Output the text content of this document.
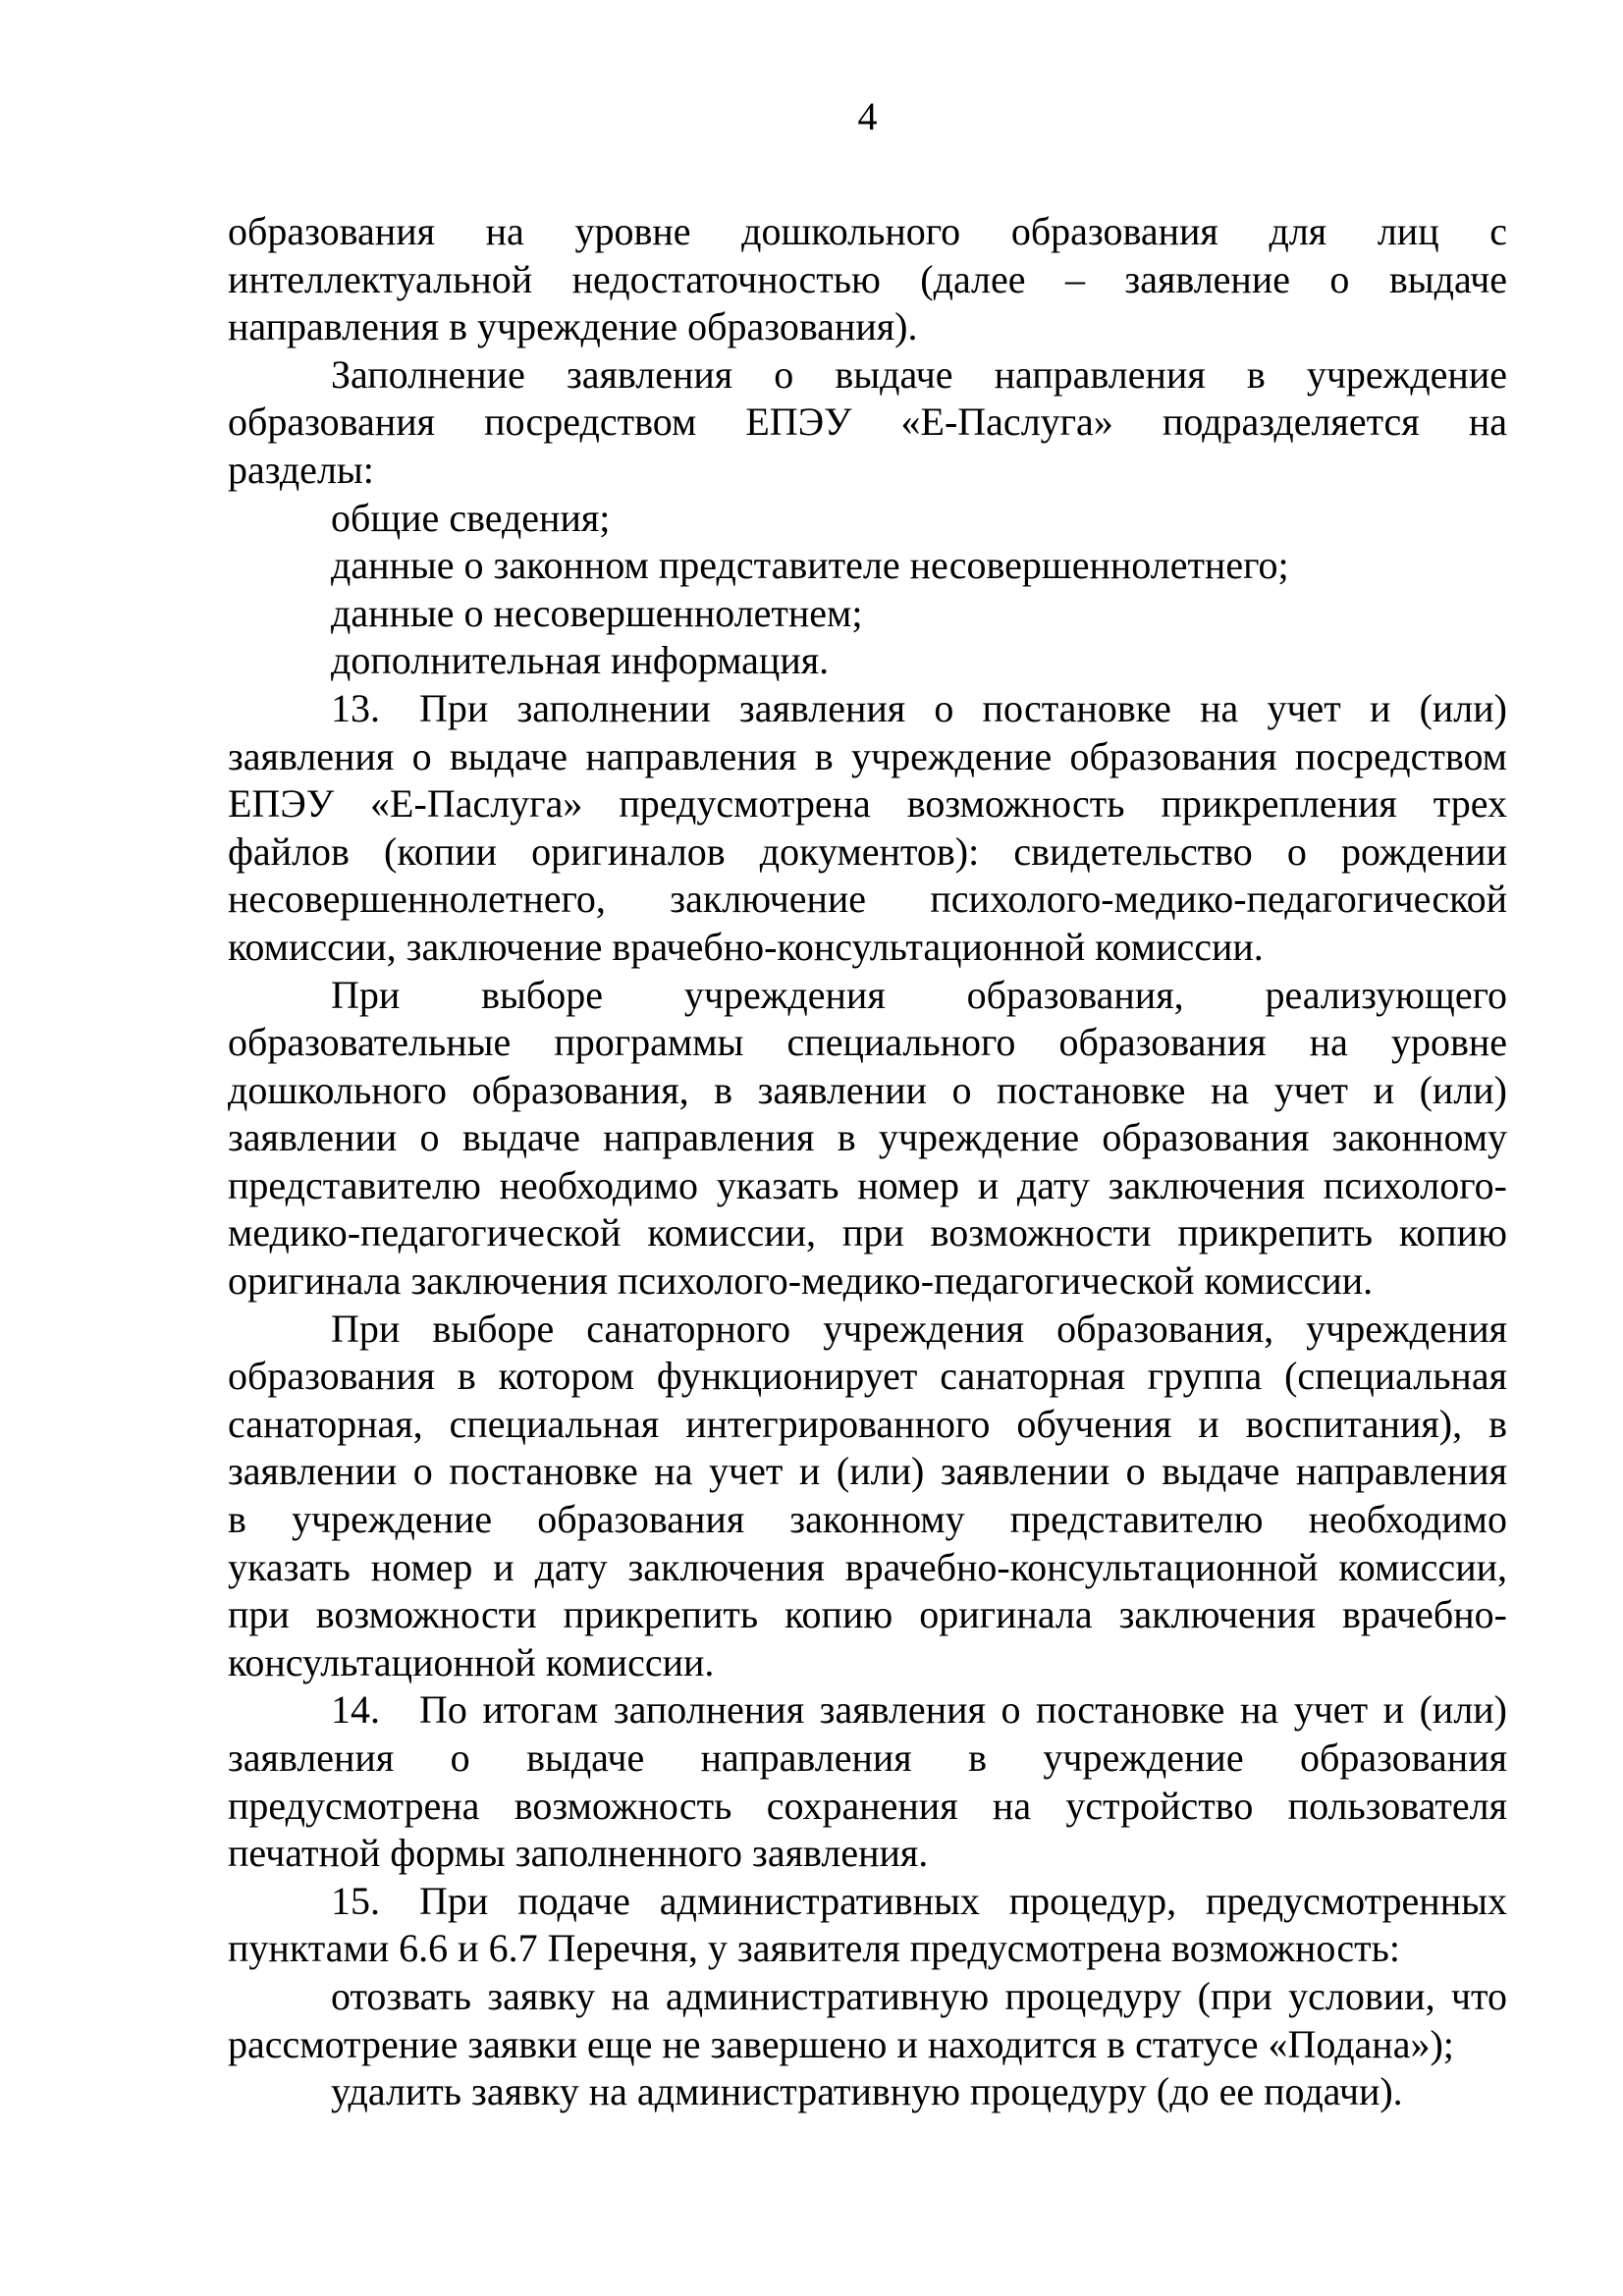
4
образования на уровне дошкольного образования для лиц с
интеллектуальной недостаточностью (далее – заявление о выдаче
направления в учреждение образования).
Заполнение заявления о выдаче направления в учреждение
образования посредством ЕПЭУ «Е-Паслуга» подразделяется на
разделы:
общие сведения;
данные о законном представителе несовершеннолетнего;
данные о несовершеннолетнем;
дополнительная информация.
13. При заполнении заявления о постановке на учет и (или)
заявления о выдаче направления в учреждение образования посредством
ЕПЭУ «Е-Паслуга» предусмотрена возможность прикрепления трех
файлов (копии оригиналов документов): свидетельство о рождении
несовершеннолетнего, заключение психолого-медико-педагогической
комиссии, заключение врачебно-консультационной комиссии.
При выборе учреждения образования, реализующего
образовательные программы специального образования на уровне
дошкольного образования, в заявлении о постановке на учет и (или)
заявлении о выдаче направления в учреждение образования законному
представителю необходимо указать номер и дату заключения психолого-
медико-педагогической комиссии, при возможности прикрепить копию
оригинала заключения психолого-медико-педагогической комиссии.
При выборе санаторного учреждения образования, учреждения
образования в котором функционирует санаторная группа (специальная
санаторная, специальная интегрированного обучения и воспитания), в
заявлении о постановке на учет и (или) заявлении о выдаче направления
в учреждение образования законному представителю необходимо
указать номер и дату заключения врачебно-консультационной комиссии,
при возможности прикрепить копию оригинала заключения врачебно-
консультационной комиссии.
14. По итогам заполнения заявления о постановке на учет и (или)
заявления о выдаче направления в учреждение образования
предусмотрена возможность сохранения на устройство пользователя
печатной формы заполненного заявления.
15. При подаче административных процедур, предусмотренных
пунктами 6.6 и 6.7 Перечня, у заявителя предусмотрена возможность:
отозвать заявку на административную процедуру (при условии, что
рассмотрение заявки еще не завершено и находится в статусе «Подана»);
удалить заявку на административную процедуру (до ее подачи).
